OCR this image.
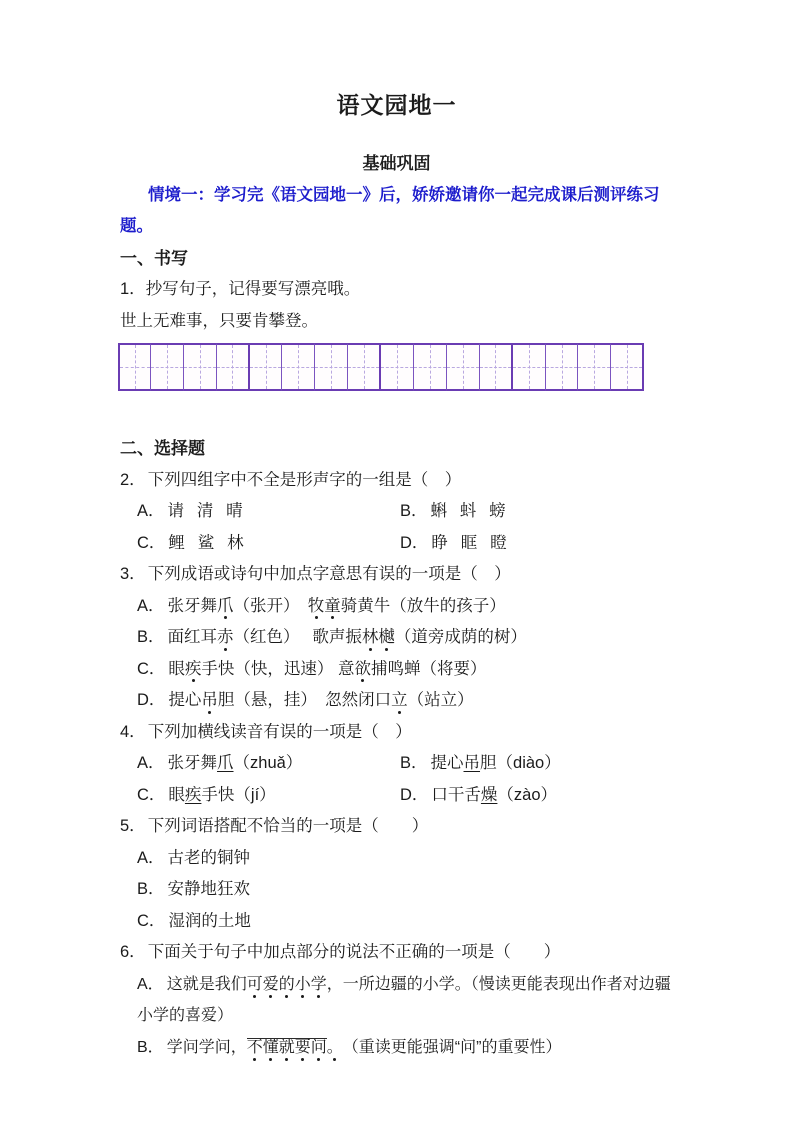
语文园地一
基础巩固

情境一：学习完《语文园地一》后，娇娇邀请你一起完成课后测评练习题。

一、书写

1．抄写句子，记得要写漂亮哦。

世上无难事，只要肯攀登。

二、选择题

2． 下列四组字中不全是形声字的一组是（　）

A． 请  清  晴	B． 蝌  蚪  螃
C． 鲤  鲨  林	D． 睁  眶  瞪

3． 下列成语或诗句中加点字意思有误的一项是（　）

A． 张牙舞爪（张开）　牧童骑黄牛（放牛的孩子）

B． 面红耳赤（红色）　 歌声振林樾（道旁成荫的树）

C． 眼疾手快（快，迅速） 意欲捕鸣蝉（将要）

D． 提心吊胆（悬，挂）　忽然闭口立（站立）

4． 下列加横线读音有误的一项是（　）

A． 张牙舞爪（zhuǎ）	B． 提心吊胆（diào）
C． 眼疾手快（jí）	D． 口干舌燥（zào）

5． 下列词语搭配不恰当的一项是（　　）

A． 古老的铜钟

B． 安静地狂欢

C． 湿润的土地

6． 下面关于句子中加点部分的说法不正确的一项是（　　）

A． 这就是我们可爱的小学，一所边疆的小学。（慢读更能表现出作者对边疆小学的喜爱）

B． 学问学问，不懂就要问。（重读更能强调“问”的重要性）
